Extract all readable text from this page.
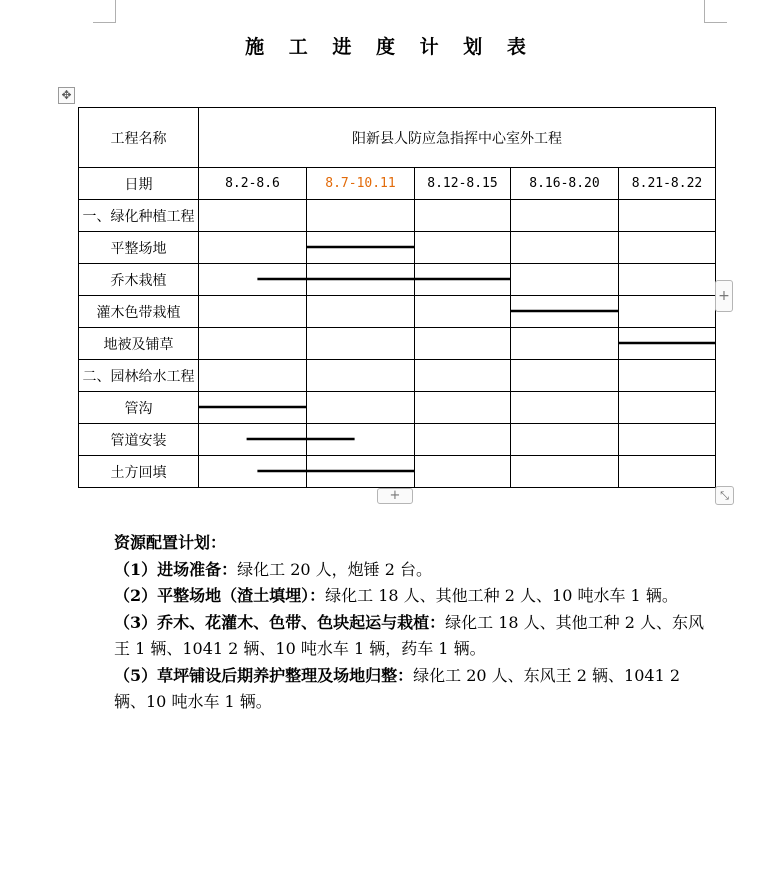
施 工 进 度 计 划 表
✥
工程名称	阳新县人防应急指挥中心室外工程				
日期	8.2-8.6	8.7-10.11	8.12-8.15	8.16-8.20	8.21-8.22
一、绿化种植工程					
平整场地					
乔木栽植					
灌木色带栽植					
地被及铺草					
二、园林给水工程					
管沟					
管道安装					
土方回填					
+
+	⤡

资源配置计划：

（1）进场准备：绿化工 20 人，炮锤 2 台。

（2）平整场地（渣土填埋）：绿化工 18 人、其他工种 2 人、10 吨水车 1 辆。

（3）乔木、花灌木、色带、色块起运与栽植：绿化工 18 人、其他工种 2 人、东风王 1 辆、1041 2 辆、10 吨水车 1 辆，药车 1 辆。

（5）草坪铺设后期养护整理及场地归整：绿化工 20 人、东风王 2 辆、1041 2 辆、10 吨水车 1 辆。
